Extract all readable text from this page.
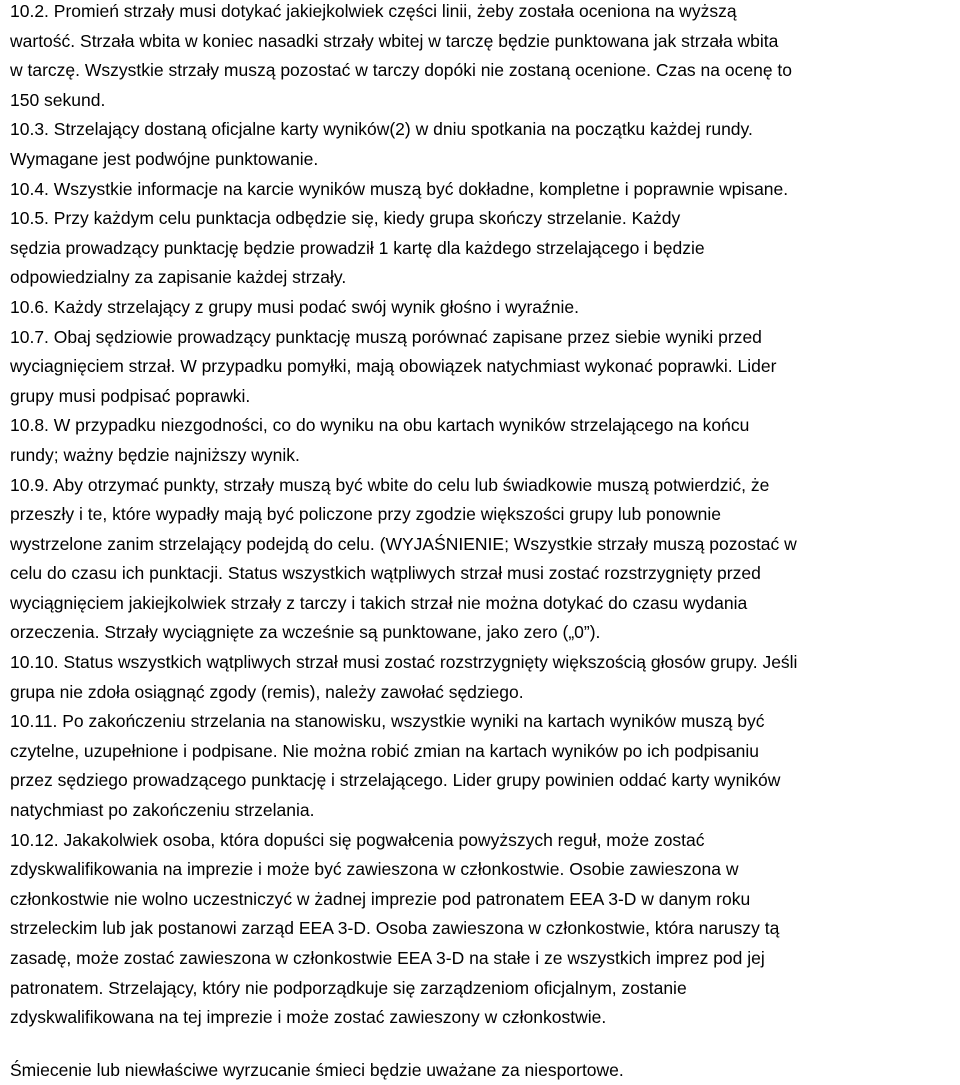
10.2. Promień strzały musi dotykać jakiejkolwiek części linii, żeby została oceniona na wyższą
wartość. Strzała wbita w koniec nasadki strzały wbitej w tarczę będzie punktowana jak strzała wbita
w tarczę. Wszystkie strzały muszą pozostać w tarczy dopóki nie zostaną ocenione. Czas na ocenę to
150 sekund.

10.3. Strzelający dostaną oficjalne karty wyników(2) w dniu spotkania na początku każdej rundy.
Wymagane jest podwójne punktowanie.

10.4. Wszystkie informacje na karcie wyników muszą być dokładne, kompletne i poprawnie wpisane.

10.5. Przy każdym celu punktacja odbędzie się, kiedy grupa skończy strzelanie. Każdy
sędzia prowadzący punktację będzie prowadził 1 kartę dla każdego strzelającego i będzie
odpowiedzialny za zapisanie każdej strzały.

10.6. Każdy strzelający z grupy musi podać swój wynik głośno i wyraźnie.

10.7. Obaj sędziowie prowadzący punktację muszą porównać zapisane przez siebie wyniki przed
wyciagnięciem strzał. W przypadku pomyłki, mają obowiązek natychmiast wykonać poprawki. Lider
grupy musi podpisać poprawki.

10.8. W przypadku niezgodności, co do wyniku na obu kartach wyników strzelającego na końcu
rundy; ważny będzie najniższy wynik.

10.9. Aby otrzymać punkty, strzały muszą być wbite do celu lub świadkowie muszą potwierdzić, że
przeszły i te, które wypadły mają być policzone przy zgodzie większości grupy lub ponownie
wystrzelone zanim strzelający podejdą do celu. (WYJAŚNIENIE; Wszystkie strzały muszą pozostać w
celu do czasu ich punktacji. Status wszystkich wątpliwych strzał musi zostać rozstrzygnięty przed
wyciągnięciem jakiejkolwiek strzały z tarczy i takich strzał nie można dotykać do czasu wydania
orzeczenia. Strzały wyciągnięte za wcześnie są punktowane, jako zero („0”).

10.10. Status wszystkich wątpliwych strzał musi zostać rozstrzygnięty większością głosów grupy. Jeśli
grupa nie zdoła osiągnąć zgody (remis), należy zawołać sędziego.

10.11. Po zakończeniu strzelania na stanowisku, wszystkie wyniki na kartach wyników muszą być
czytelne, uzupełnione i podpisane. Nie można robić zmian na kartach wyników po ich podpisaniu
przez sędziego prowadzącego punktację i strzelającego. Lider grupy powinien oddać karty wyników
natychmiast po zakończeniu strzelania.

10.12. Jakakolwiek osoba, która dopuści się pogwałcenia powyższych reguł, może zostać
zdyskwalifikowania na imprezie i może być zawieszona w członkostwie. Osobie zawieszona w
członkostwie nie wolno uczestniczyć w żadnej imprezie pod patronatem EEA 3-D w danym roku
strzeleckim lub jak postanowi zarząd EEA 3-D. Osoba zawieszona w członkostwie, która naruszy tą
zasadę, może zostać zawieszona w członkostwie EEA 3-D na stałe i ze wszystkich imprez pod jej
patronatem. Strzelający, który nie podporządkuje się zarządzeniom oficjalnym, zostanie
zdyskwalifikowana na tej imprezie i może zostać zawieszony w członkostwie.

Śmiecenie lub niewłaściwe wyrzucanie śmieci będzie uważane za niesportowe.
